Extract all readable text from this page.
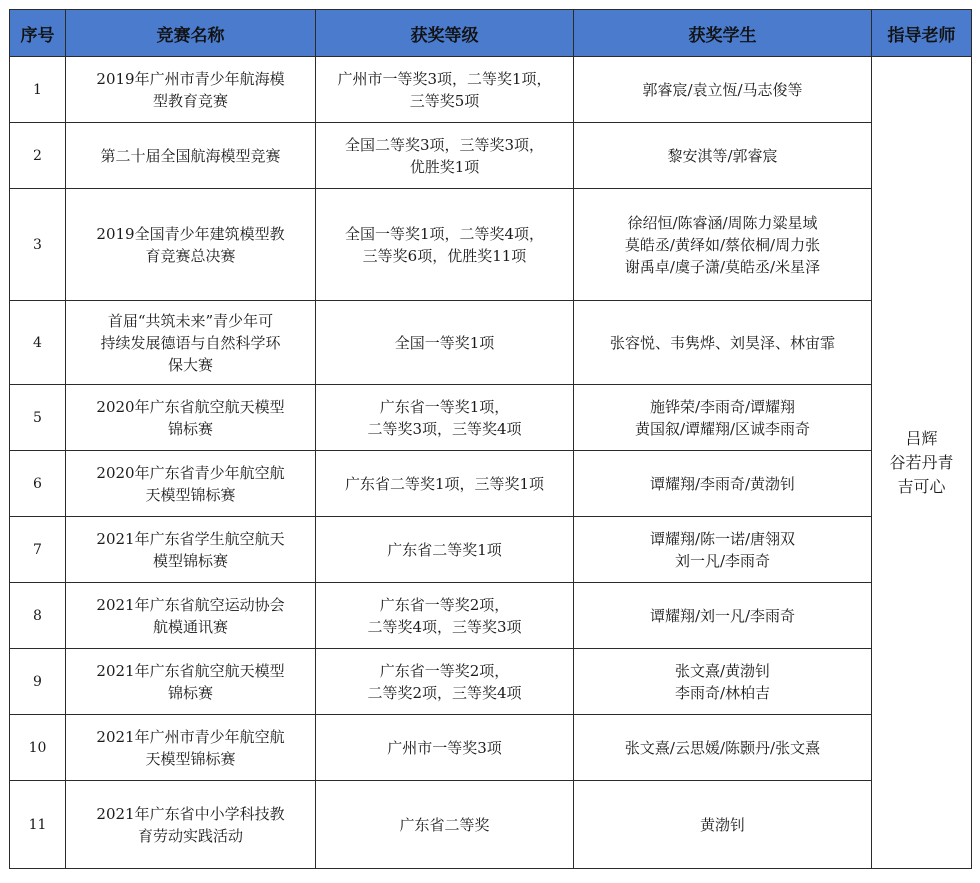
序号	竞赛名称	获奖等级	获奖学生	指导老师
1	2019年广州市青少年航海模
型教育竞赛	广州市一等奖3项，二等奖1项，
三等奖5项	郭睿宸/袁立恆/马志俊等	吕辉
谷若丹青
吉可心

2	第二十届全国航海模型竞赛	全国二等奖3项，三等奖3项，
优胜奖1项	黎安淇等/郭睿宸	

3	2019全国青少年建筑模型教
育竞赛总决赛	全国一等奖1项，二等奖4项，
三等奖6项，优胜奖11项	徐绍恒/陈睿涵/周陈力粱星域
莫皓丞/黄绎如/蔡依桐/周力张
谢禹卓/虞子潇/莫皓丞/米星泽	

4	首届“共筑未来”青少年可
持续发展德语与自然科学环
保大赛	全国一等奖1项	张容悦、韦隽烨、刘昊泽、林宙霏	

5	2020年广东省航空航天模型
锦标赛	广东省一等奖1项，
二等奖3项，三等奖4项	施铧荣/李雨奇/谭耀翔
黄国叙/谭耀翔/区诚李雨奇	

6	2020年广东省青少年航空航
天模型锦标赛	广东省二等奖1项，三等奖1项	谭耀翔/李雨奇/黄渤钊	

7	2021年广东省学生航空航天
模型锦标赛	广东省二等奖1项	谭耀翔/陈一诺/唐翎双
刘一凡/李雨奇	

8	2021年广东省航空运动协会
航模通讯赛	广东省一等奖2项，
二等奖4项，三等奖3项	谭耀翔/刘一凡/李雨奇	

9	2021年广东省航空航天模型
锦标赛	广东省一等奖2项，
二等奖2项，三等奖4项	张文熹/黄渤钊
李雨奇/林柏吉	

10	2021年广州市青少年航空航
天模型锦标赛	广州市一等奖3项	张文熹/云思媛/陈颢丹/张文熹	

11	2021年广东省中小学科技教
育劳动实践活动	广东省二等奖	黄渤钊	
